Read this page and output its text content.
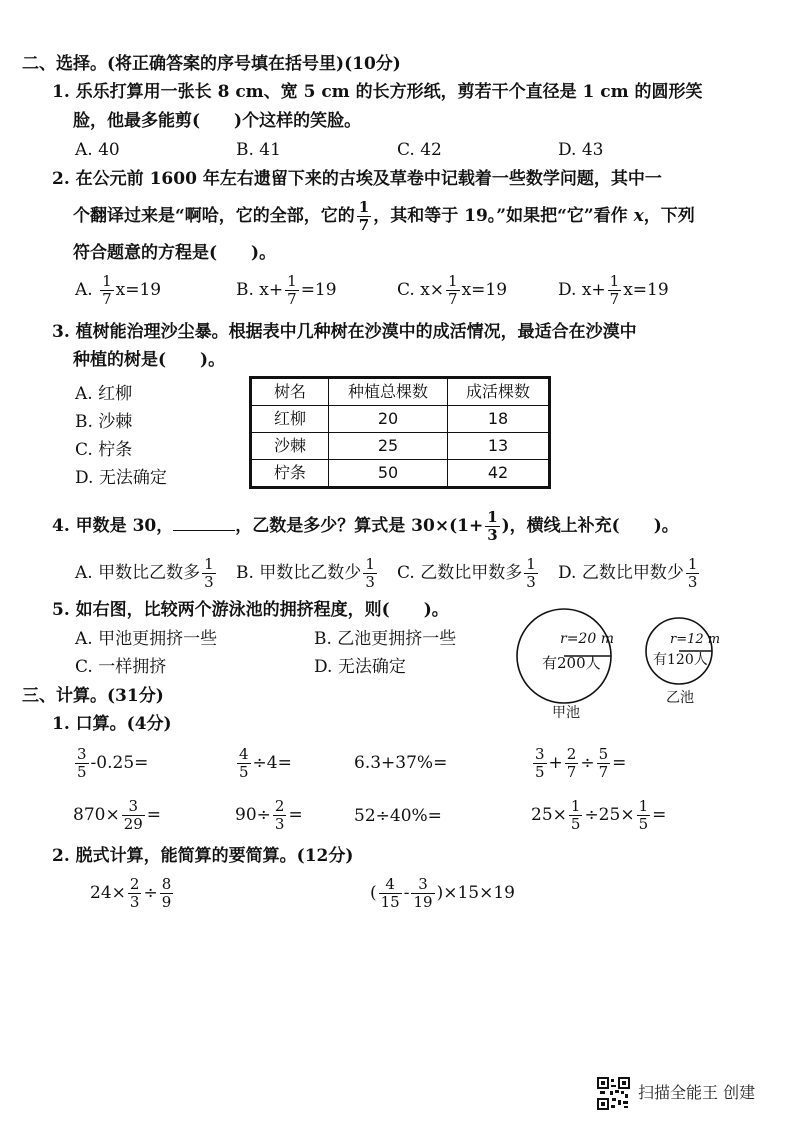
二、选择。(将正确答案的序号填在括号里)(10分)
1. 乐乐打算用一张长 8 cm、宽 5 cm 的长方形纸，剪若干个直径是 1 cm 的圆形笑
脸，他最多能剪( )个这样的笑脸。
A. 40	B. 41	C. 42	D. 43
2. 在公元前 1600 年左右遗留下来的古埃及草卷中记载着一些数学问题，其中一
个翻译过来是“啊哈，它的全部，它的 $\frac{1}{7}$ ，其和等于 19。”如果把“它”看作 x，下列
符合题意的方程是( )。
A. $\frac{1}{7} x=19$	B. $x+ \frac{1}{7} =19$	C. $x\times \frac{1}{7} x=19$	D. $x+ \frac{1}{7} x=19$
3. 植树能治理沙尘暴。根据表中几种树在沙漠中的成活情况，最适合在沙漠中
种植的树是( )。
A. 红柳
B. 沙棘
C. 柠条
D. 无法确定
树名	种植总棵数	成活棵数
红柳	20	18
沙棘	25	13
柠条	50	42
4. 甲数是 30，	，乙数是多少？算式是 $30\times(1+ \frac{1}{3}$ )，横线上补充( )。
A. 甲数比乙数多 $\frac{1}{3} B$. 甲数比乙数少 $\frac{1}{3} C$. 乙数比甲数多 $\frac{1}{3} D$. 乙数比甲数少 $\frac{1}{3}$
5. 如右图，比较两个游泳池的拥挤程度，则( )。
A. 甲池更拥挤一些	B. 乙池更拥挤一些
C. 一样拥挤	D. 无法确定
r=20 m
有200人
甲池
r=12 m
有120人
乙池
三、计算。(31分)
1. 口算。(4分)
$\frac{3}{5} -0.25=$	$\frac{4}{5} \div 4=$	6.3+37%=	$\frac{3}{5} + \frac{2}{7} \div \frac{5}{7}$ =
$870\times \frac{3}{29}$ =	$90\div \frac{2}{3}$ =	52÷40%=	$25\times \frac{1}{5} \div 25\times \frac{1}{5}$ =
2. 脱式计算，能简算的要简算。(12分)
$24\times \frac{2}{3} \div \frac{8}{9}$	( $\frac{4}{15} - \frac{3}{19} )\times 15\times 19$
扫描全能王 创建
